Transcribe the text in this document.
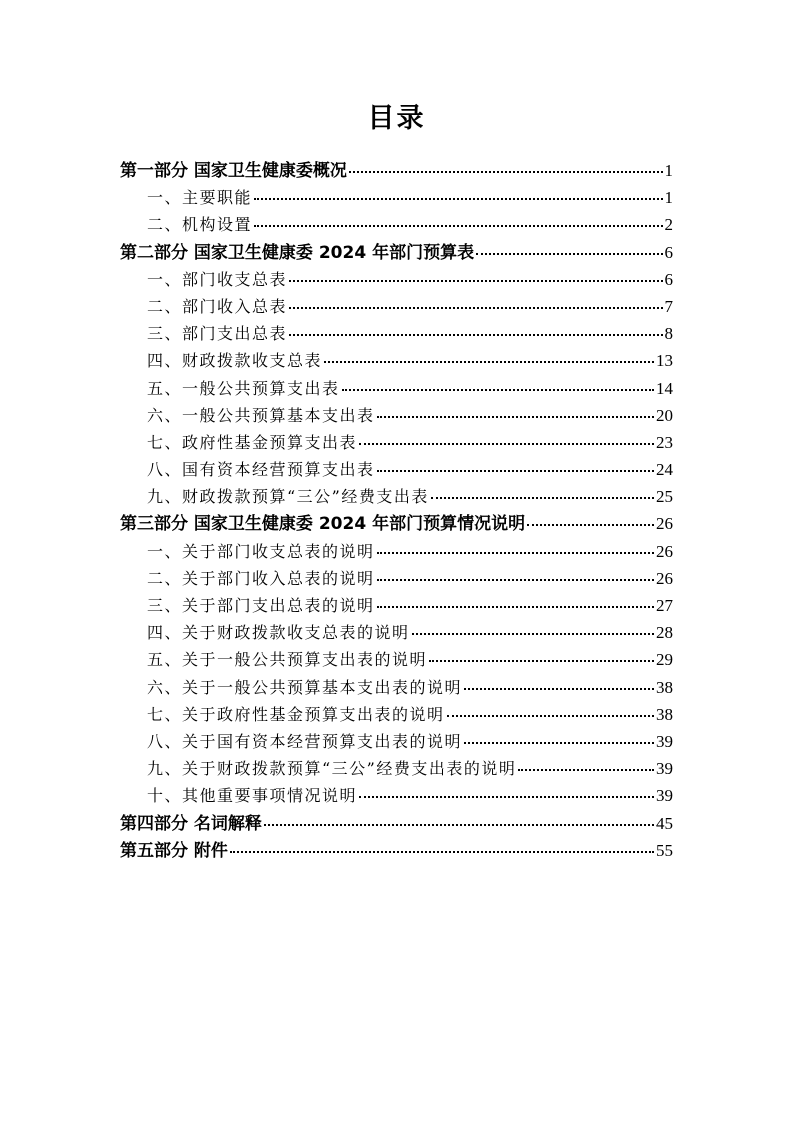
目录
第一部分 国家卫生健康委概况	1
一、主要职能	1
二、机构设置	2
第二部分 国家卫生健康委 2024 年部门预算表	6
一、部门收支总表	6
二、部门收入总表	7
三、部门支出总表	8
四、财政拨款收支总表	13
五、一般公共预算支出表	14
六、一般公共预算基本支出表	20
七、政府性基金预算支出表	23
八、国有资本经营预算支出表	24
九、财政拨款预算“三公”经费支出表	25
第三部分 国家卫生健康委 2024 年部门预算情况说明	26
一、关于部门收支总表的说明	26
二、关于部门收入总表的说明	26
三、关于部门支出总表的说明	27
四、关于财政拨款收支总表的说明	28
五、关于一般公共预算支出表的说明	29
六、关于一般公共预算基本支出表的说明	38
七、关于政府性基金预算支出表的说明	38
八、关于国有资本经营预算支出表的说明	39
九、关于财政拨款预算“三公”经费支出表的说明	39
十、其他重要事项情况说明	39
第四部分 名词解释	45
第五部分 附件	55
